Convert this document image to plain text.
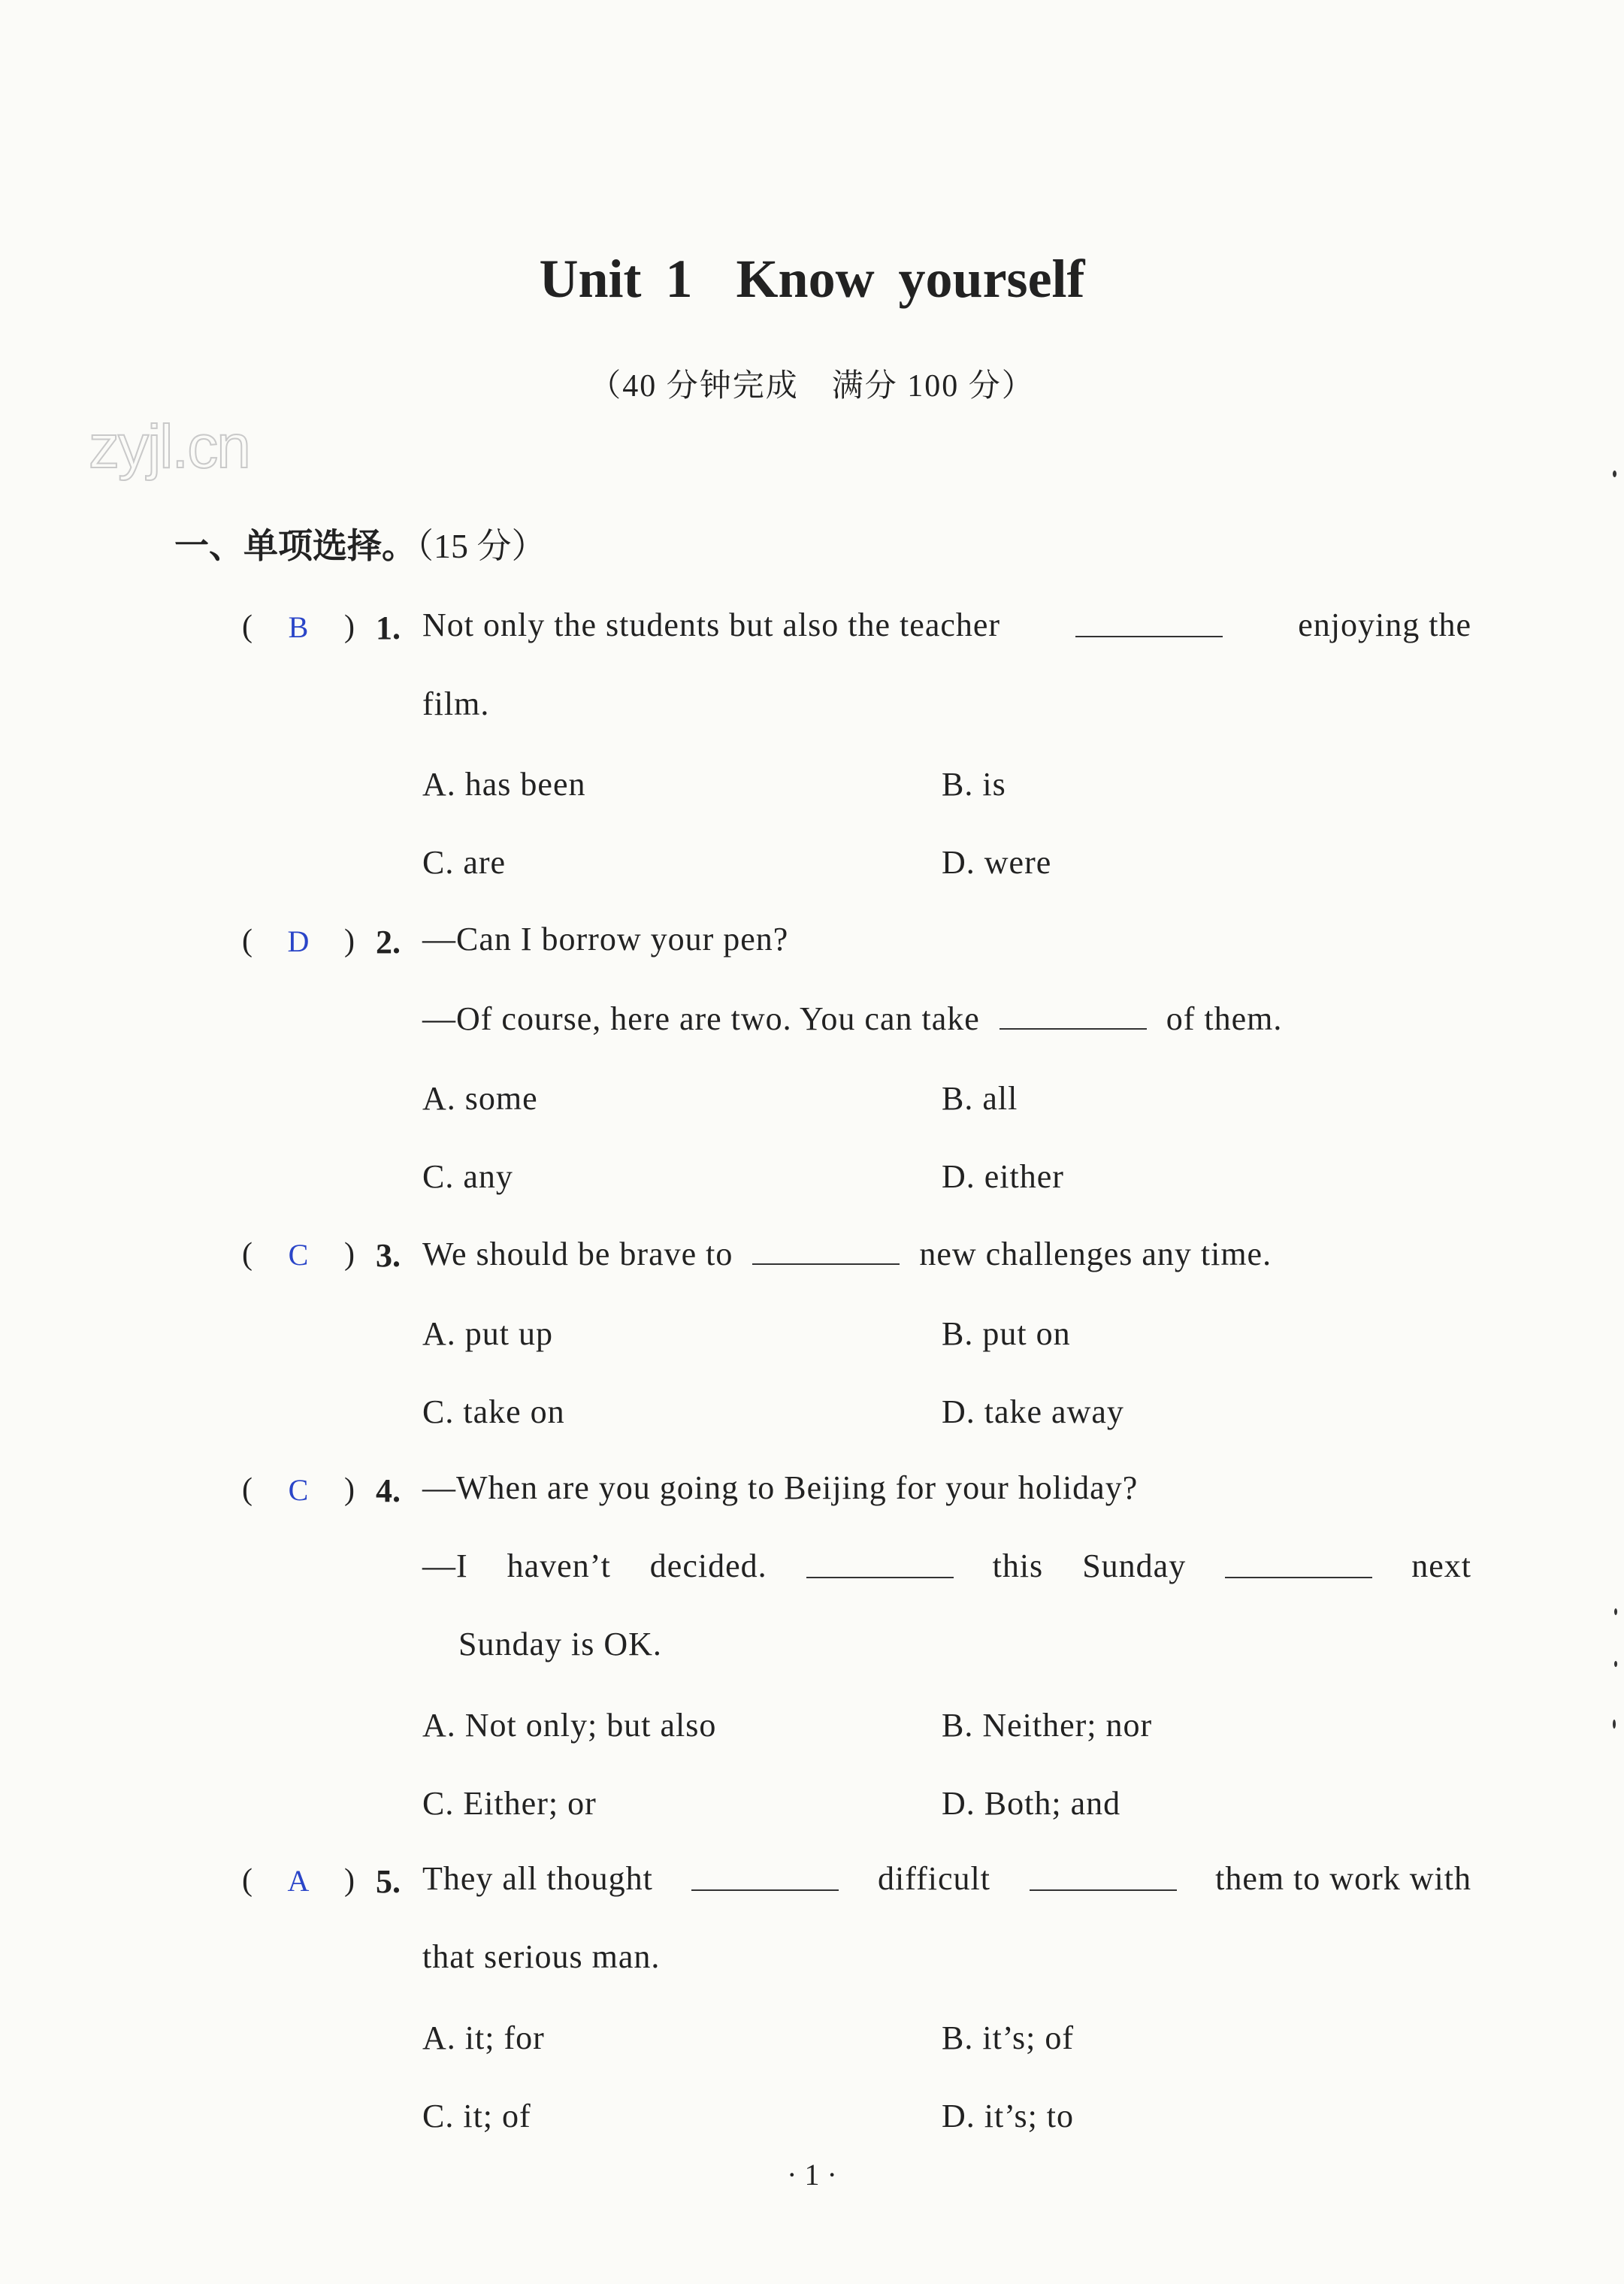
zyjl.cn
Unit 1 Know yourself
（40 分钟完成　满分 100 分）
一、单项选择。（15 分）
( B ) 1. Not only the students but also the teacher	enjoying the
film.
A. has been	B. is
C. are	D. were
( D ) 2. —Can I borrow your pen?
—Of course, here are two. You can take	of them.
A. some	B. all
C. any	D. either
( C ) 3. We should be brave to	new challenges any time.
A. put up	B. put on
C. take on	D. take away
( C ) 4. —When are you going to Beijing for your holiday?
—I haven’t decided.	this Sunday	next
Sunday is OK.
A. Not only; but also	B. Neither; nor
C. Either; or	D. Both; and
( A ) 5. They all thought	difficult	them to work with
that serious man.
A. it; for	B. it’s; of
C. it; of	D. it’s; to
· 1 ·
